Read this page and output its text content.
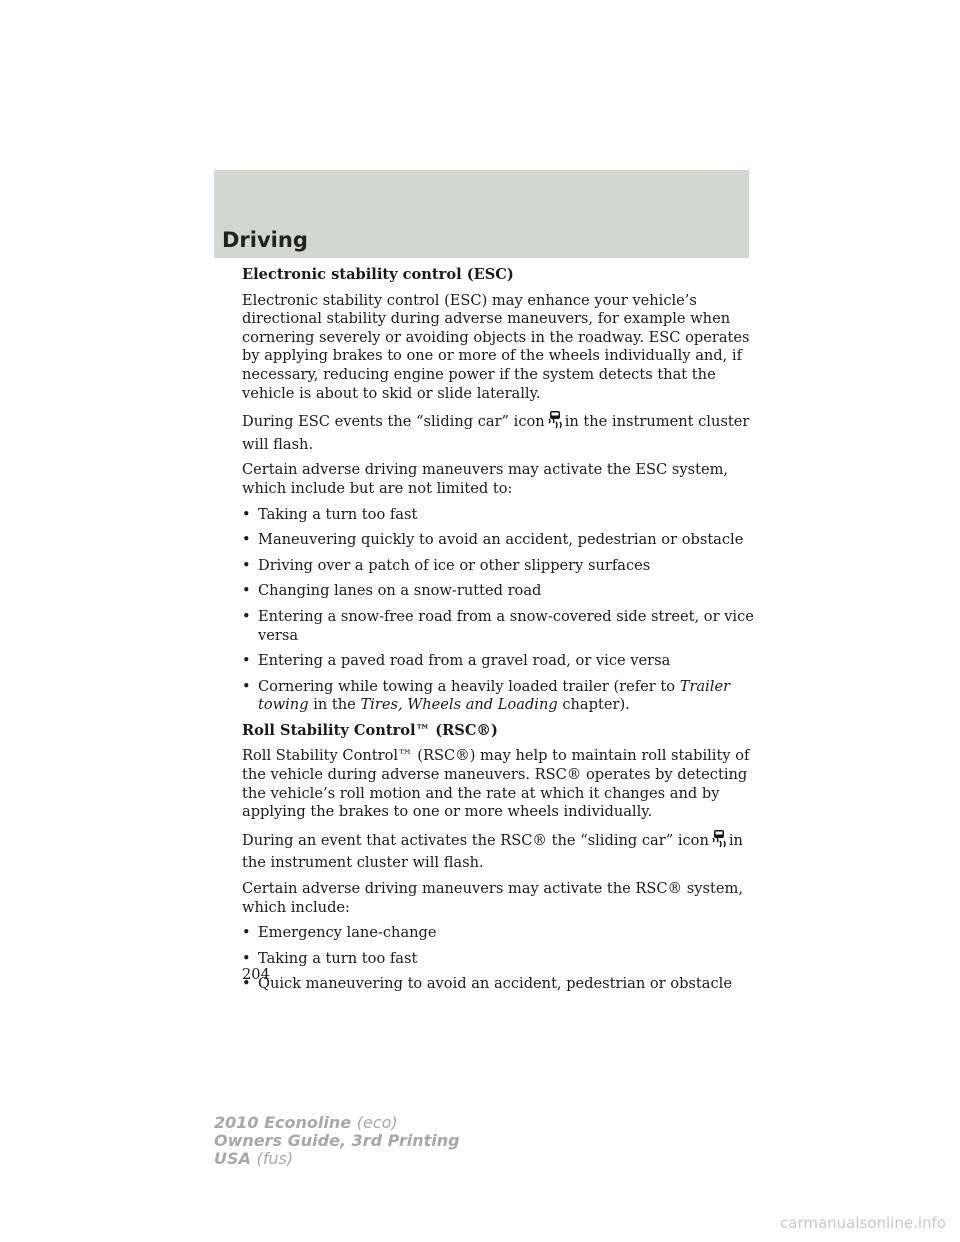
Driving
Electronic stability control (ESC)

Electronic stability control (ESC) may enhance your vehicle’s directional stability during adverse maneuvers, for example when cornering severely or avoiding objects in the roadway. ESC operates by applying brakes to one or more of the wheels individually and, if necessary, reducing engine power if the system detects that the vehicle is about to skid or slide laterally.

During ESC events the “sliding car” icon in the instrument cluster will flash.

Certain adverse driving maneuvers may activate the ESC system, which include but are not limited to:

• Taking a turn too fast
• Maneuvering quickly to avoid an accident, pedestrian or obstacle
• Driving over a patch of ice or other slippery surfaces
• Changing lanes on a snow-rutted road
• Entering a snow-free road from a snow-covered side street, or vice versa
• Entering a paved road from a gravel road, or vice versa
• Cornering while towing a heavily loaded trailer (refer to Trailer towing in the Tires, Wheels and Loading chapter).
Roll Stability Control™ (RSC®)

Roll Stability Control™ (RSC®) may help to maintain roll stability of the vehicle during adverse maneuvers. RSC® operates by detecting the vehicle’s roll motion and the rate at which it changes and by applying the brakes to one or more wheels individually.

During an event that activates the RSC® the “sliding car” icon in the instrument cluster will flash.

Certain adverse driving maneuvers may activate the RSC® system, which include:

• Emergency lane-change
• Taking a turn too fast
• Quick maneuvering to avoid an accident, pedestrian or obstacle
204
2010 Econoline (eco)
Owners Guide, 3rd Printing
USA (fus)
carmanualsonline.info
